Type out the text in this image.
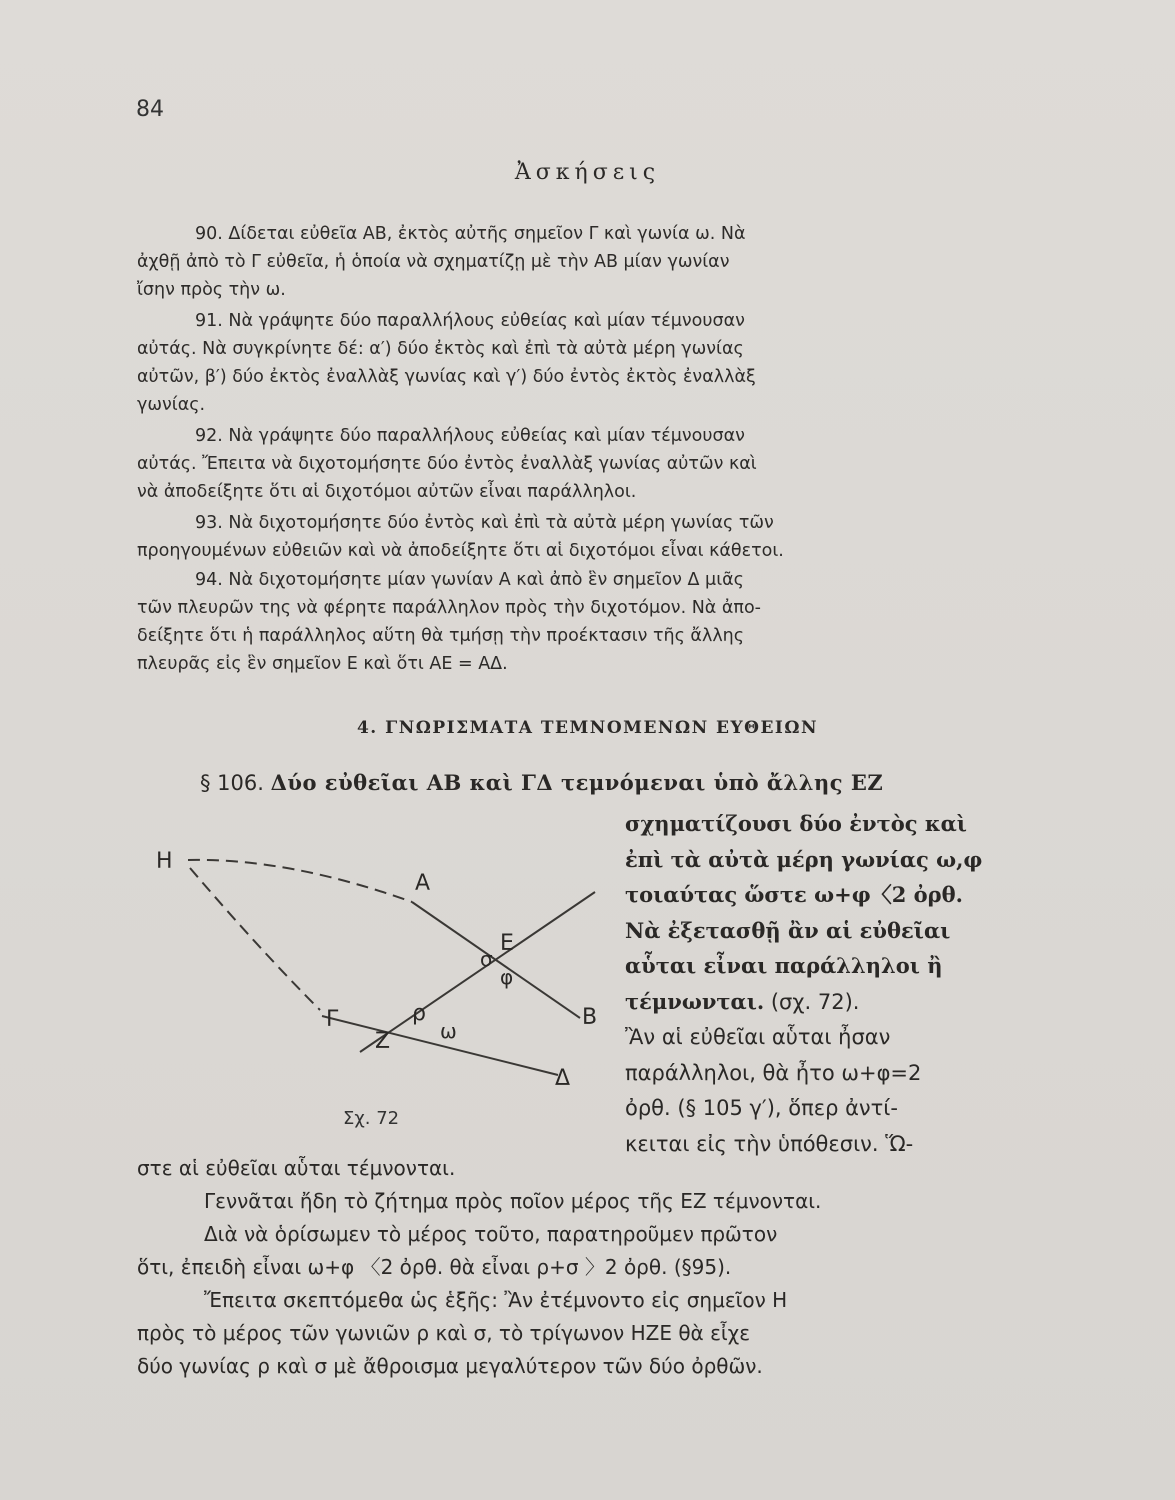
84
Ἀσκήσεις
90. Δίδεται εὐθεῖα ΑΒ, ἐκτὸς αὐτῆς σημεῖον Γ καὶ γωνία ω. Νὰ
ἀχθῇ ἀπὸ τὸ Γ εὐθεῖα, ἡ ὁποία νὰ σχηματίζῃ μὲ τὴν ΑΒ μίαν γωνίαν
ἴσην πρὸς τὴν ω.
91. Νὰ γράψητε δύο παραλλήλους εὐθείας καὶ μίαν τέμνουσαν
αὐτάς. Νὰ συγκρίνητε δέ: α′) δύο ἐκτὸς καὶ ἐπὶ τὰ αὐτὰ μέρη γωνίας
αὐτῶν, β′) δύο ἐκτὸς ἐναλλὰξ γωνίας καὶ γ′) δύο ἐντὸς ἐκτὸς ἐναλλὰξ
γωνίας.
92. Νὰ γράψητε δύο παραλλήλους εὐθείας καὶ μίαν τέμνουσαν
αὐτάς. Ἔπειτα νὰ διχοτομήσητε δύο ἐντὸς ἐναλλὰξ γωνίας αὐτῶν καὶ
νὰ ἀποδείξητε ὅτι αἱ διχοτόμοι αὐτῶν εἶναι παράλληλοι.
93. Νὰ διχοτομήσητε δύο ἐντὸς καὶ ἐπὶ τὰ αὐτὰ μέρη γωνίας τῶν
προηγουμένων εὐθειῶν καὶ νὰ ἀποδείξητε ὅτι αἱ διχοτόμοι εἶναι κάθετοι.
94. Νὰ διχοτομήσητε μίαν γωνίαν Α καὶ ἀπὸ ἓν σημεῖον Δ μιᾶς
τῶν πλευρῶν της νὰ φέρητε παράλληλον πρὸς τὴν διχοτόμον. Νὰ ἀπο-
δείξητε ὅτι ἡ παράλληλος αὕτη θὰ τμήσῃ τὴν προέκτασιν τῆς ἄλλης
πλευρᾶς εἰς ἓν σημεῖον Ε καὶ ὅτι ΑΕ = ΑΔ.
4. ΓΝΩΡΙΣΜΑΤΑ ΤΕΜΝΟΜΕΝΩΝ ΕΥΘΕΙΩΝ
§ 106. Δύο εὐθεῖαι ΑΒ καὶ ΓΔ τεμνόμεναι ὑπὸ ἄλλης ΕΖ
σχηματίζουσι δύο ἐντὸς καὶ
ἐπὶ τὰ αὐτὰ μέρη γωνίας ω,φ
τοιαύτας ὥστε ω+φ〈2 ὀρθ.
Νὰ ἐξετασθῇ ἂν αἱ εὐθεῖαι
αὗται εἶναι παράλληλοι ἢ
τέμνωνται. (σχ. 72).
Ἂν αἱ εὐθεῖαι αὗται ἦσαν
παράλληλοι, θὰ ἦτο ω+φ=2
ὀρθ. (§ 105 γ′), ὅπερ ἀντί-
κειται εἰς τὴν ὑπόθεσιν. Ὥ-
Η
Α
Ε
σ
φ
Β
Γ	ρ
Ζ ω
Δ
Σχ. 72
στε αἱ εὐθεῖαι αὗται τέμνονται.
Γεννᾶται ἤδη τὸ ζήτημα πρὸς ποῖον μέρος τῆς ΕΖ τέμνονται.
Διὰ νὰ ὁρίσωμεν τὸ μέρος τοῦτο, παρατηροῦμεν πρῶτον
ὅτι, ἐπειδὴ εἶναι ω+φ 〈2 ὀρθ. θὰ εἶναι ρ+σ 〉2 ὀρθ. (§95).
Ἔπειτα σκεπτόμεθα ὡς ἑξῆς: Ἂν ἐτέμνοντο εἰς σημεῖον Η
πρὸς τὸ μέρος τῶν γωνιῶν ρ καὶ σ, τὸ τρίγωνον ΗΖΕ θὰ εἶχε
δύο γωνίας ρ καὶ σ μὲ ἄθροισμα μεγαλύτερον τῶν δύο ὀρθῶν.
